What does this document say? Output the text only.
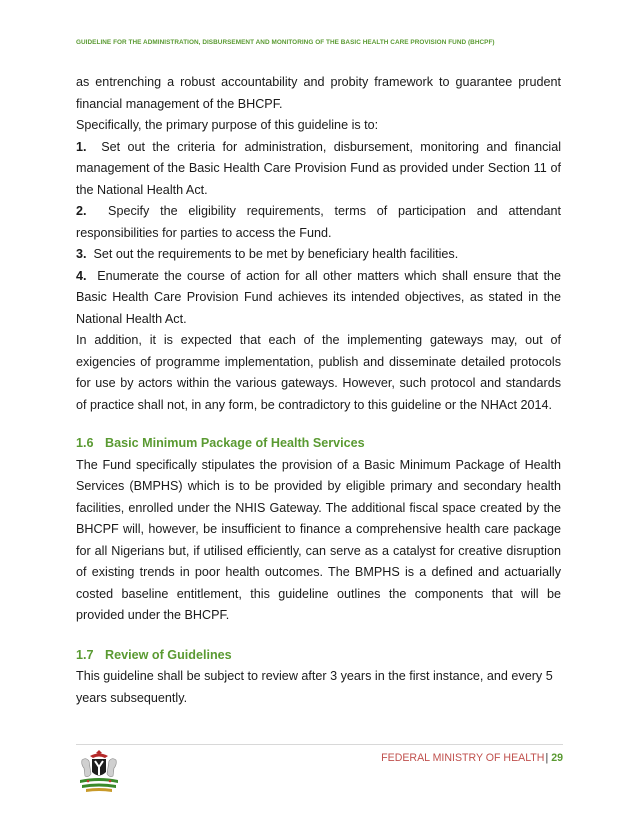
GUIDELINE FOR THE ADMINISTRATION, DISBURSEMENT AND MONITORING OF THE BASIC HEALTH CARE PROVISION FUND (BHCPF)

as entrenching a robust accountability and probity framework to guarantee prudent financial management of the BHCPF.

Specifically, the primary purpose of this guideline is to:

1. Set out the criteria for administration, disbursement, monitoring and financial management of the Basic Health Care Provision Fund as provided under Section 11 of the National Health Act.

2. Specify the eligibility requirements, terms of participation and attendant responsibilities for parties to access the Fund.

3. Set out the requirements to be met by beneficiary health facilities.

4. Enumerate the course of action for all other matters which shall ensure that the Basic Health Care Provision Fund achieves its intended objectives, as stated in the National Health Act.

In addition, it is expected that each of the implementing gateways may, out of exigencies of programme implementation, publish and disseminate detailed protocols for use by actors within the various gateways. However, such protocol and standards of practice shall not, in any form, be contradictory to this guideline or the NHAct 2014.

1.6 Basic Minimum Package of Health Services

The Fund specifically stipulates the provision of a Basic Minimum Package of Health Services (BMPHS) which is to be provided by eligible primary and secondary health facilities, enrolled under the NHIS Gateway. The additional fiscal space created by the BHCPF will, however, be insufficient to finance a comprehensive health care package for all Nigerians but, if utilised efficiently, can serve as a catalyst for creative disruption of existing trends in poor health outcomes. The BMPHS is a defined and actuarially costed baseline entitlement, this guideline outlines the components that will be provided under the BHCPF.

1.7 Review of Guidelines

This guideline shall be subject to review after 3 years in the first instance, and every 5 years subsequently.

FEDERAL MINISTRY OF HEALTH| 29
